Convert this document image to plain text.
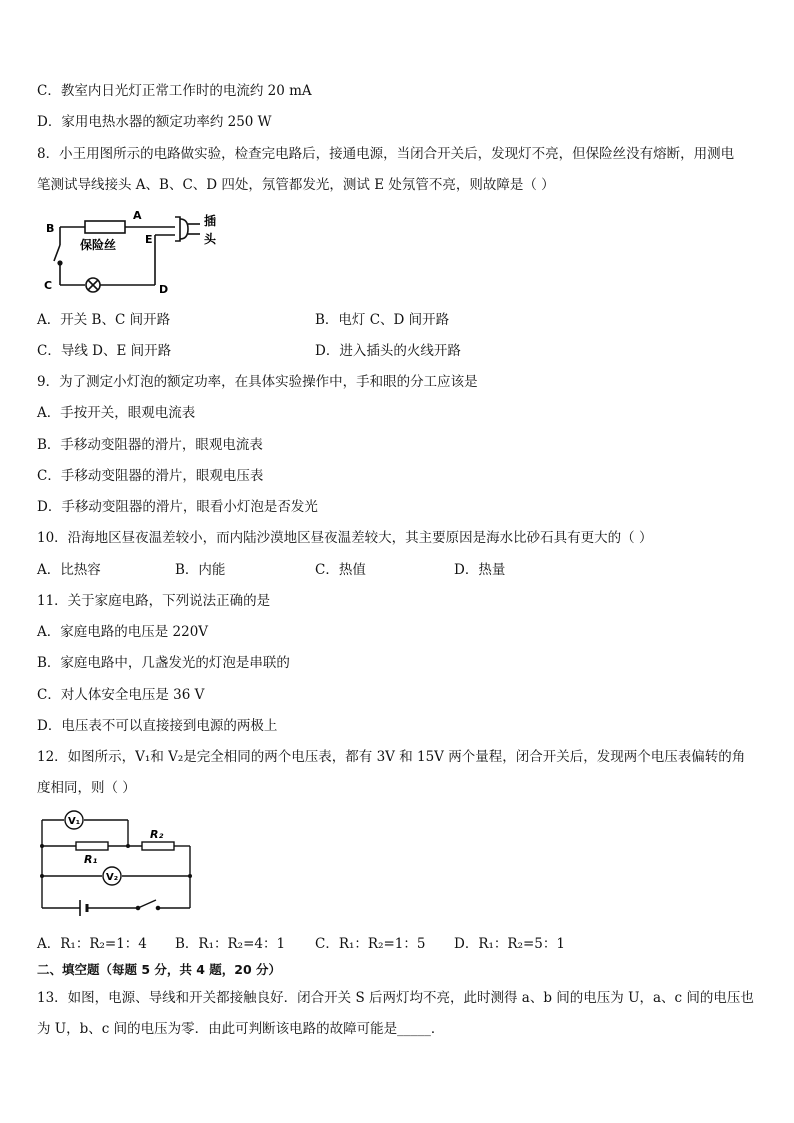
C．教室内日光灯正常工作时的电流约 20 mA
D．家用电热水器的额定功率约 250 W
8．小王用图所示的电路做实验，检查完电路后，接通电源，当闭合开关后，发现灯不亮，但保险丝没有熔断，用测电
笔测试导线接头 A、B、C、D 四处，氖管都发光，测试 E 处氖管不亮，则故障是（ ）
A
B
C	D
E
保险丝
插
头
A．开关 B、C 间开路	B．电灯 C、D 间开路
C．导线 D、E 间开路	D．进入插头的火线开路
9．为了测定小灯泡的额定功率，在具体实验操作中，手和眼的分工应该是
A．手按开关，眼观电流表
B．手移动变阻器的滑片，眼观电流表
C．手移动变阻器的滑片，眼观电压表
D．手移动变阻器的滑片，眼看小灯泡是否发光
10．沿海地区昼夜温差较小，而内陆沙漠地区昼夜温差较大，其主要原因是海水比砂石具有更大的（ ）
A．比热容	B．内能	C．热值	D．热量
11．关于家庭电路，下列说法正确的是
A．家庭电路的电压是 220V
B．家庭电路中，几盏发光的灯泡是串联的
C．对人体安全电压是 36 V
D．电压表不可以直接接到电源的两极上
12．如图所示，V₁和 V₂是完全相同的两个电压表，都有 3V 和 15V 两个量程，闭合开关后，发现两个电压表偏转的角
度相同，则（ ）
V₁
V₂
R₁
R₂
A．R₁：R₂=1：4 B．R₁：R₂=4：1 C．R₁：R₂=1：5 D．R₁：R₂=5：1
二、填空题（每题 5 分，共 4 题，20 分）
13．如图，电源、导线和开关都接触良好．闭合开关 S 后两灯均不亮，此时测得 a、b 间的电压为 U，a、c 间的电压也
为 U，b、c 间的电压为零．由此可判断该电路的故障可能是_____．
